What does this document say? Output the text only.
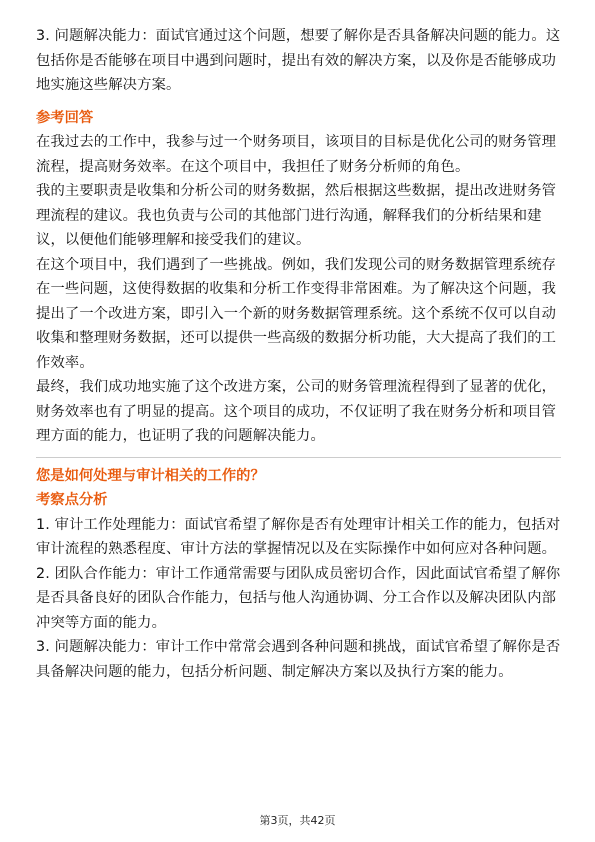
3. 问题解决能力：面试官通过这个问题，想要了解你是否具备解决问题的能力。这
包括你是否能够在项目中遇到问题时，提出有效的解决方案，以及你是否能够成功
地实施这些解决方案。

参考回答

在我过去的工作中，我参与过一个财务项目，该项目的目标是优化公司的财务管理
流程，提高财务效率。在这个项目中，我担任了财务分析师的角色。

我的主要职责是收集和分析公司的财务数据，然后根据这些数据，提出改进财务管
理流程的建议。我也负责与公司的其他部门进行沟通，解释我们的分析结果和建
议，以便他们能够理解和接受我们的建议。

在这个项目中，我们遇到了一些挑战。例如，我们发现公司的财务数据管理系统存
在一些问题，这使得数据的收集和分析工作变得非常困难。为了解决这个问题，我
提出了一个改进方案，即引入一个新的财务数据管理系统。这个系统不仅可以自动
收集和整理财务数据，还可以提供一些高级的数据分析功能，大大提高了我们的工
作效率。

最终，我们成功地实施了这个改进方案，公司的财务管理流程得到了显著的优化，
财务效率也有了明显的提高。这个项目的成功，不仅证明了我在财务分析和项目管
理方面的能力，也证明了我的问题解决能力。

您是如何处理与审计相关的工作的？

考察点分析

1. 审计工作处理能力：面试官希望了解你是否有处理审计相关工作的能力，包括对
审计流程的熟悉程度、审计方法的掌握情况以及在实际操作中如何应对各种问题。

2. 团队合作能力：审计工作通常需要与团队成员密切合作，因此面试官希望了解你
是否具备良好的团队合作能力，包括与他人沟通协调、分工合作以及解决团队内部
冲突等方面的能力。

3. 问题解决能力：审计工作中常常会遇到各种问题和挑战，面试官希望了解你是否
具备解决问题的能力，包括分析问题、制定解决方案以及执行方案的能力。

第3页，共42页
